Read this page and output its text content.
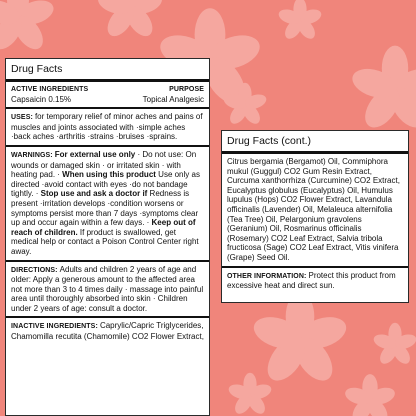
Drug Facts
ACTIVE INGREDIENTS	PURPOSE
Capsaicin 0.15%	Topical Analgesic
USES: for temporary relief of minor aches and pains of muscles and joints associated with ·simple aches ·back aches ·arthritis ·strains ·bruises ·sprains.
WARNINGS: For external use only · Do not use: On wounds or damaged skin · or irritated skin · with heating pad. · When using this product Use only as directed ·avoid contact with eyes ·do not bandage tightly. · Stop use and ask a doctor if Redness is present ·irritation develops ·condition worsens or symptoms persist more than 7 days ·symptoms clear up and occur again within a few days. · Keep out of reach of children. If product is swallowed, get medical help or contact a Poison Control Center right away.
DIRECTIONS: Adults and children 2 years of age and older: Apply a generous amount to the affected area not more than 3 to 4 times daily · massage into painful area until thoroughly absorbed into skin · Children under 2 years of age: consult a doctor.
INACTIVE INGREDIENTS: Caprylic/Capric Triglycerides, Chamomilla recutita (Chamomile) CO2 Flower Extract,
Drug Facts (cont.)
Citrus bergamia (Bergamot) Oil, Commiphora mukul (Guggul) CO2 Gum Resin Extract, Curcuma xanthorrhiza (Curcumine) CO2 Extract, Eucalyptus globulus (Eucalyptus) Oil, Humulus lupulus (Hops) CO2 Flower Extract, Lavandula officinalis (Lavender) Oil, Melaleuca alternifolia (Tea Tree) Oil, Pelargonium gravolens (Geranium) Oil, Rosmarinus officinalis (Rosemary) CO2 Leaf Extract, Salvia tribola fructicosa (Sage) CO2 Leaf Extract, Vitis vinifera (Grape) Seed Oil.
OTHER INFORMATION: Protect this product from excessive heat and direct sun.
